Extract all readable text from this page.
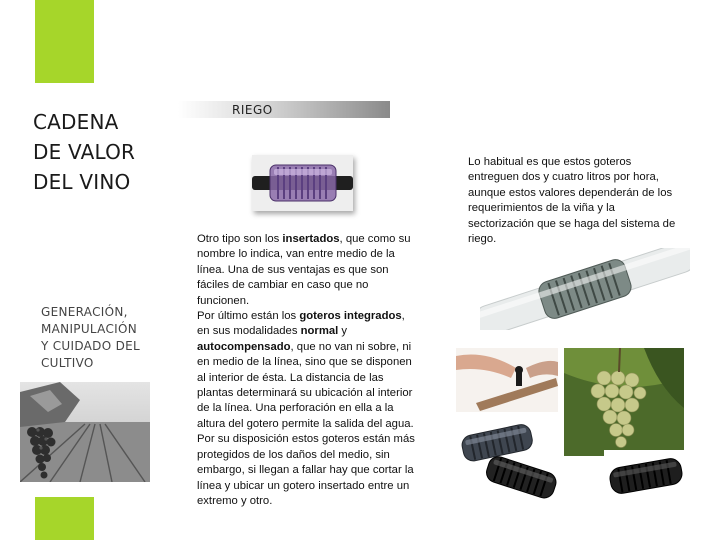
CADENA
DE VALOR
DEL VINO
GENERACIÓN,
MANIPULACIÓN
Y CUIDADO DEL
CULTIVO
RIEGO

Otro tipo son los insertados, que como su nombre lo indica, van entre medio de la línea. Una de sus ventajas es que son fáciles de cambiar en caso que no funcionen.

Por último están los goteros integrados, en sus modalidades normal y autocompensado, que no van ni sobre, ni en medio de la línea, sino que se disponen al interior de ésta. La distancia de las plantas determinará su ubicación al interior de la línea. Una perforación en ella a la altura del gotero permite la salida del agua. Por su disposición estos goteros están más protegidos de los daños del medio, sin embargo, si llegan a fallar hay que cortar la línea y ubicar un gotero insertado entre un extremo y otro.

Lo habitual es que estos goteros entreguen dos y cuatro litros por hora, aunque estos valores dependerán de los requerimientos de la viña y la sectorización que se haga del sistema de riego.
